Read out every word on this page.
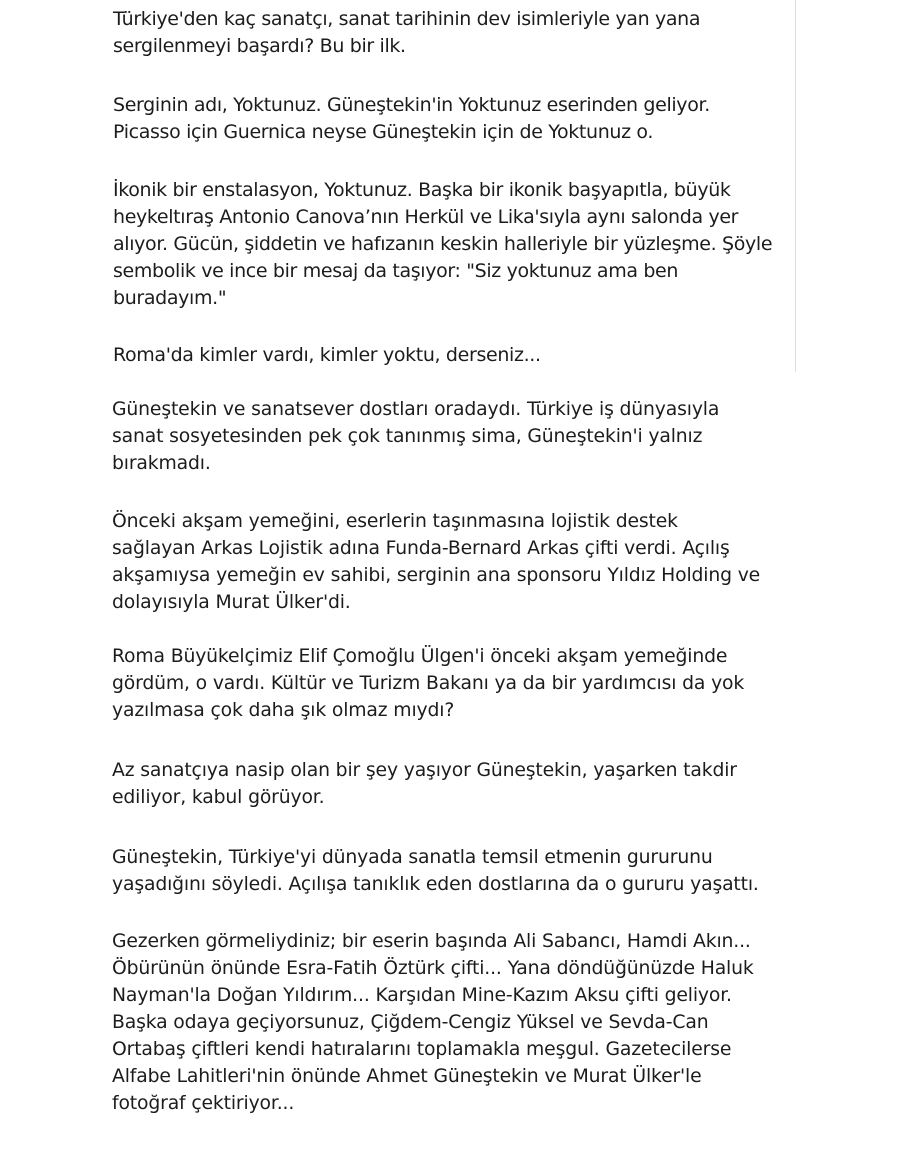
Türkiye'den kaç sanatçı, sanat tarihinin dev isimleriyle yan yana
sergilenmeyi başardı? Bu bir ilk.

Serginin adı, Yoktunuz. Güneştekin'in Yoktunuz eserinden geliyor.
Picasso için Guernica neyse Güneştekin için de Yoktunuz o.

İkonik bir enstalasyon, Yoktunuz. Başka bir ikonik başyapıtla, büyük
heykeltıraş Antonio Canova’nın Herkül ve Lika'sıyla aynı salonda yer
alıyor. Gücün, şiddetin ve hafızanın keskin halleriyle bir yüzleşme. Şöyle
sembolik ve ince bir mesaj da taşıyor: "Siz yoktunuz ama ben
buradayım."

Roma'da kimler vardı, kimler yoktu, derseniz...

Güneştekin ve sanatsever dostları oradaydı. Türkiye iş dünyasıyla
sanat sosyetesinden pek çok tanınmış sima, Güneştekin'i yalnız
bırakmadı.

Önceki akşam yemeğini, eserlerin taşınmasına lojistik destek
sağlayan Arkas Lojistik adına Funda-Bernard Arkas çifti verdi. Açılış
akşamıysa yemeğin ev sahibi, serginin ana sponsoru Yıldız Holding ve
dolayısıyla Murat Ülker'di.

Roma Büyükelçimiz Elif Çomoğlu Ülgen'i önceki akşam yemeğinde
gördüm, o vardı. Kültür ve Turizm Bakanı ya da bir yardımcısı da yok
yazılmasa çok daha şık olmaz mıydı?

Az sanatçıya nasip olan bir şey yaşıyor Güneştekin, yaşarken takdir
ediliyor, kabul görüyor.

Güneştekin, Türkiye'yi dünyada sanatla temsil etmenin gururunu
yaşadığını söyledi. Açılışa tanıklık eden dostlarına da o gururu yaşattı.

Gezerken görmeliydiniz; bir eserin başında Ali Sabancı, Hamdi Akın...
Öbürünün önünde Esra-Fatih Öztürk çifti... Yana döndüğünüzde Haluk
Nayman'la Doğan Yıldırım... Karşıdan Mine-Kazım Aksu çifti geliyor.
Başka odaya geçiyorsunuz, Çiğdem-Cengiz Yüksel ve Sevda-Can
Ortabaş çiftleri kendi hatıralarını toplamakla meşgul. Gazetecilerse
Alfabe Lahitleri'nin önünde Ahmet Güneştekin ve Murat Ülker'le
fotoğraf çektiriyor...
